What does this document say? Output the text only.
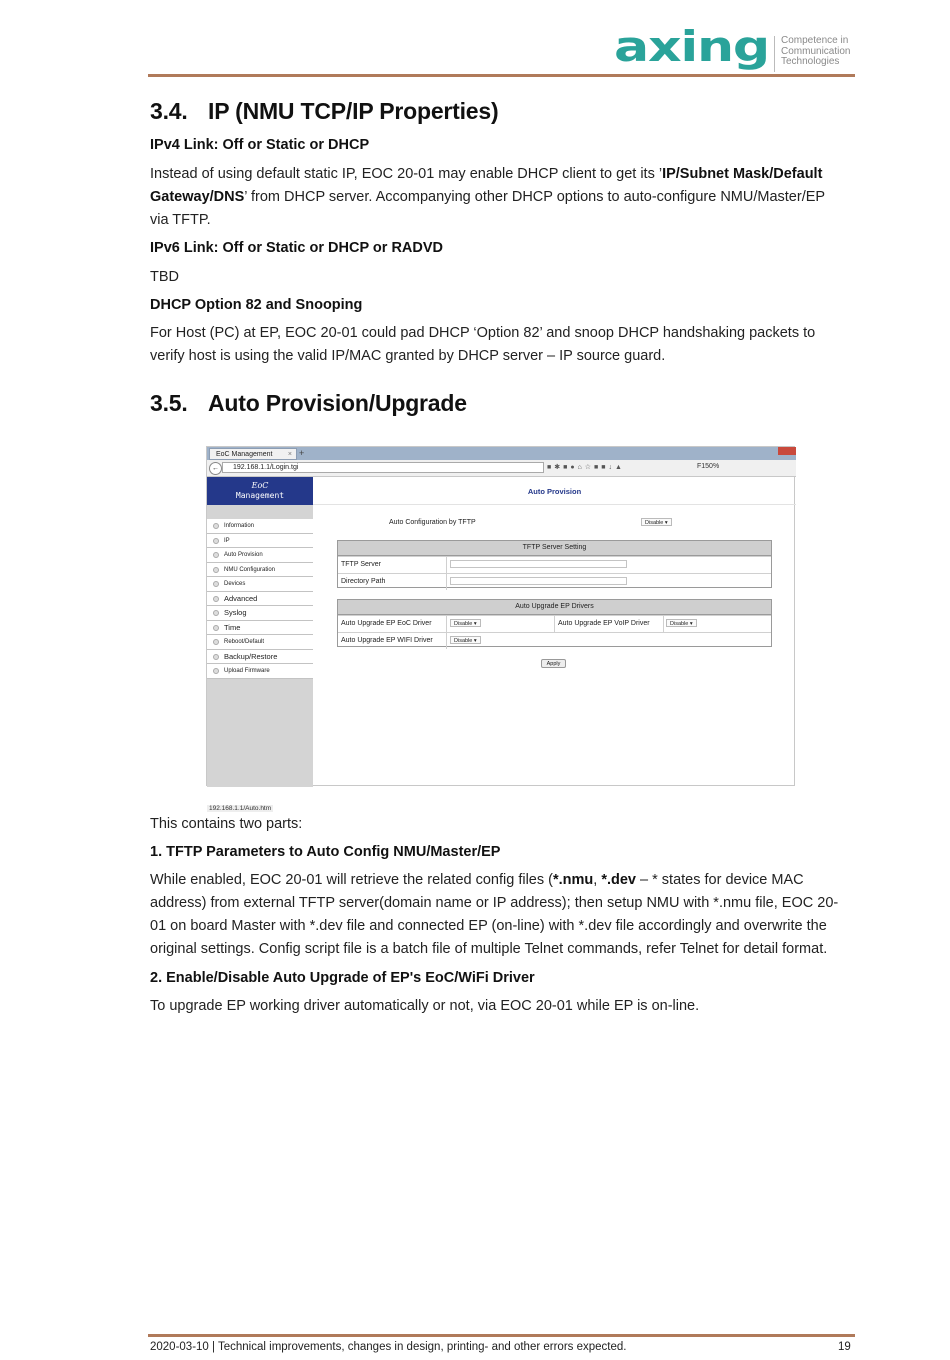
axing Competence in
Communication
Technologies
3.4. IP (NMU TCP/IP Properties)
IPv4 Link: Off or Static or DHCP
Instead of using default static IP, EOC 20-01 may enable DHCP client to get its ’IP/Subnet Mask/Default Gateway/DNS’ from DHCP server. Accompanying other DHCP options to auto-configure NMU/Master/EP via TFTP.
IPv6 Link: Off or Static or DHCP or RADVD
TBD
DHCP Option 82 and Snooping
For Host (PC) at EP, EOC 20-01 could pad DHCP ‘Option 82’ and snoop DHCP handshaking packets to verify host is using the valid IP/MAC granted by DHCP server – IP source guard.
3.5. Auto Provision/Upgrade
EoC Management × +
←	192.168.1.1/Login.tgi	■✱■●⌂☆■■↓▲	F150%
EoC
Management
Information
IP
Auto Provision
NMU Configuration
Devices
Advanced
Syslog
Time
Reboot/Default
Backup/Restore
Upload Firmware
192.168.1.1/Auto.htm
Auto Provision
Auto Configuration by TFTP	Disable ▾
TFTP Server Setting
TFTP Server
Directory Path
Auto Upgrade EP Drivers
Auto Upgrade EP EoC Driver	Disable ▾	Auto Upgrade EP VoIP Driver	Disable ▾
Auto Upgrade EP WIFI Driver	Disable ▾
Apply
This contains two parts:
1. TFTP Parameters to Auto Config NMU/Master/EP
While enabled, EOC 20-01 will retrieve the related config files (*.nmu, *.dev – * states for device MAC address) from external TFTP server(domain name or IP address); then setup NMU with *.nmu file, EOC 20-01 on board Master with *.dev file and connected EP (on-line) with *.dev file accordingly and overwrite the original settings. Config script file is a batch file of multiple Telnet commands, refer Telnet for detail format.
2. Enable/Disable Auto Upgrade of EP's EoC/WiFi Driver
To upgrade EP working driver automatically or not, via EOC 20-01 while EP is on-line.
2020-03-10 | Technical improvements, changes in design, printing- and other errors expected.	19
